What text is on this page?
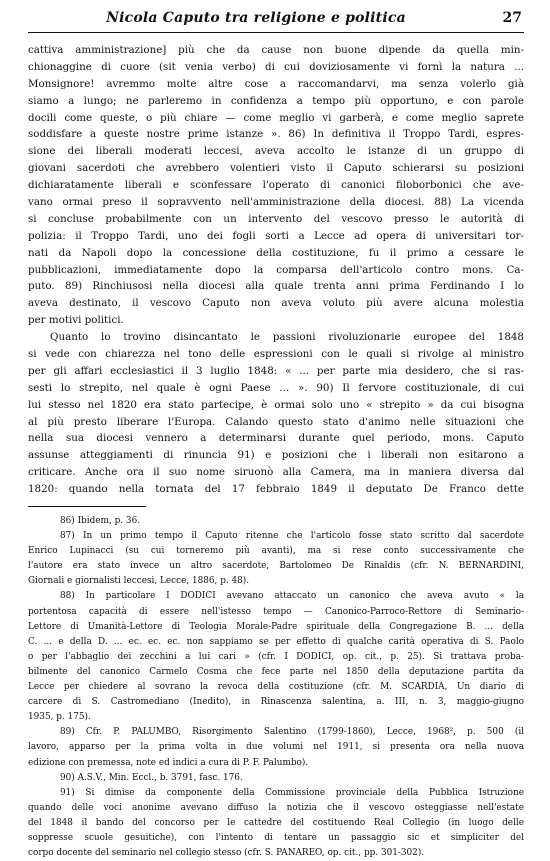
Nicola Caputo tra religione e politica	27
cattiva amministrazione] più che da cause non buone dipende da quella min-
chionaggine di cuore (sit venia verbo) di cui doviziosamente vi fornì la natura ...
Monsignore! avremmo molte altre cose a raccomandarvi, ma senza volerlo già
siamo a lungo; ne parleremo in confidenza a tempo più opportuno, e con parole
docili come queste, o più chiare — come meglio vi garberà, e come meglio saprete
soddisfare a queste nostre prime istanze ». 86) In definitiva il Troppo Tardi, espres-
sione dei liberali moderati leccesi, aveva accolto le istanze di un gruppo di
giovani sacerdoti che avrebbero volentieri visto il Caputo schierarsi su posizioni
dichiaratamente liberali e sconfessare l'operato di canonici filoborbonici che ave-
vano ormai preso il sopravvento nell'amministrazione della diocesi. 88) La vicenda
si concluse probabilmente con un intervento del vescovo presso le autorità di
polizia: il Troppo Tardi, uno dei fogli sorti a Lecce ad opera di universitari tor-
nati da Napoli dopo la concessione della costituzione, fu il primo a cessare le
pubblicazioni, immediatamente dopo la comparsa dell'articolo contro mons. Ca-
puto. 89) Rinchiusosi nella diocesi alla quale trenta anni prima Ferdinando I lo
aveva destinato, il vescovo Caputo non aveva voluto più avere alcuna molestia
per motivi politici.
Quanto lo trovino disincantato le passioni rivoluzionarie europee del 1848
si vede con chiarezza nel tono delle espressioni con le quali si rivolge al ministro
per gli affari ecclesiastici il 3 luglio 1848: « ... per parte mia desidero, che si ras-
sesti lo strepito, nel quale è ogni Paese ... ». 90) Il fervore costituzionale, di cui
lui stesso nel 1820 era stato partecipe, è ormai solo uno « strepito » da cui bisogna
al più presto liberare l'Europa. Calando questo stato d'animo nelle situazioni che
nella sua diocesi vennero a determinarsi durante quel periodo, mons. Caputo
assunse atteggiamenti di rinuncia 91) e posizioni che i liberali non esitarono a
criticare. Anche ora il suo nome siruonò alla Camera, ma in maniera diversa dal
1820: quando nella tornata del 17 febbraio 1849 il deputato De Franco dette
86) Ibidem, p. 36.
87) In un primo tempo il Caputo ritenne che l'articolo fosse stato scritto dal sacerdote
Enrico Lupinacci (su cui torneremo più avanti), ma si rese conto successivamente che
l'autore era stato invece un altro sacerdote, Bartolomeo De Rinaldis (cfr. N. BERNARDINI,
Giornali e giornalisti leccesi, Lecce, 1886, p. 48).
88) In particolare I DODICI avevano attaccato un canonico che aveva avuto « la
portentosa capacità di essere nell'istesso tempo — Canonico-Parroco-Rettore di Seminario-
Lettore di Umanità-Lettore di Teologia Morale-Padre spirituale della Congregazione B. ... della
C. ... e della D. ... ec. ec. ec. non sappiamo se per effetto di qualche carità operativa di S. Paolo
o per l'abbaglio dei zecchini a lui cari » (cfr. I DODICI, op. cit., p. 25). Si trattava proba-
bilmente del canonico Carmelo Cosma che fece parte nel 1850 della deputazione partita da
Lecce per chiedere al sovrano la revoca della costituzione (cfr. M. SCARDIA, Un diario di
carcere di S. Castromediano (Inedito), in Rinascenza salentina, a. III, n. 3, maggio-giugno
1935, p. 175).
89) Cfr. P. PALUMBO, Risorgimento Salentino (1799-1860), Lecce, 1968², p. 500 (il
lavoro, apparso per la prima volta in due volumi nel 1911, si presenta ora nella nuova
edizione con premessa, note ed indici a cura di P. F. Palumbo).
90) A.S.V., Min. Eccl., b. 3791, fasc. 176.
91) Si dimise da componente della Commissione provinciale della Pubblica Istruzione
quando delle voci anonime avevano diffuso la notizia che il vescovo osteggiasse nell'estate
del 1848 il bando del concorso per le cattedre del costituendo Real Collegio (in luogo delle
soppresse scuole gesuitiche), con l'intento di tentare un passaggio sic et simpliciter del
corpo docente del seminario nel collegio stesso (cfr. S. PANAREO, op. cit., pp. 301-302).
